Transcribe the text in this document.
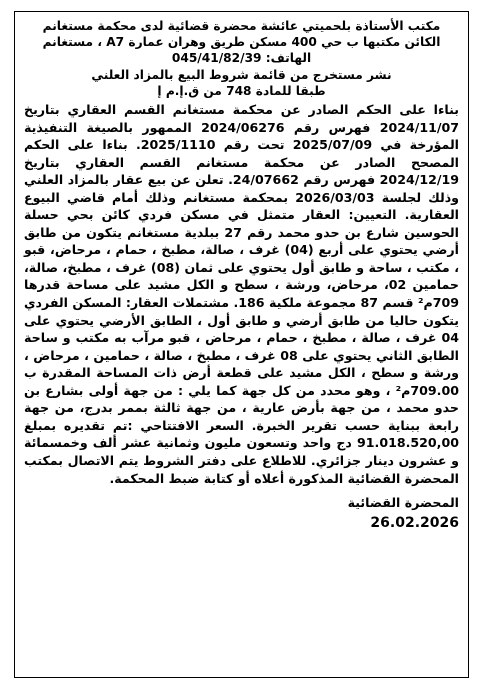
مكتب الأستاذة بلحميتي عائشة محضرة قضائية لدى محكمة مستغانم

الكائن مكتبها ب حي 400 مسكن طريق وهران عمارة A7 ، مستغانم

الهاتف: 045/41/82/39

نشر مستخرج من قائمة شروط البيع بالمزاد العلني

طبقا للمادة 748 من ق.إ.م إ

بناءا على الحكم الصادر عن محكمة مستغانم القسم العقاري بتاريخ 2024/11/07 فهرس رقم 2024/06276 الممهور بالصيغة التنفيذية المؤرخة في 2025/07/09 تحت رقم 2025/1110. بناءا على الحكم المصحح الصادر عن محكمة مستغانم القسم العقاري بتاريخ 2024/12/19 فهرس رقم 24/07662. تعلن عن بيع عقار بالمزاد العلني وذلك لجلسة 2026/03/03 بمحكمة مستغانم وذلك أمام قاضي البيوع العقارية. التعيين: العقار متمثل في مسكن فردي كائن بحي حسلة الحوسين شارع بن حدو محمد رقم 27 ببلدية مستغانم يتكون من طابق أرضي يحتوي على أربع (04) غرف ، صالة، مطبخ ، حمام ، مرحاض، قبو ، مكتب ، ساحة و طابق أول يحتوي على ثمان (08) غرف ، مطبخ، صالة، حمامين 02، مرحاض، ورشة ، سطح و الكل مشيد على مساحة قدرها 709م² قسم 87 مجموعة ملكية 186. مشتملات العقار: المسكن الفردي يتكون حاليا من طابق أرضي و طابق أول ، الطابق الأرضي يحتوي على 04 غرف ، صالة ، مطبخ ، حمام ، مرحاض ، قبو مرآب به مكتب و ساحة الطابق الثاني يحتوي على 08 غرف ، مطبخ ، صالة ، حمامين ، مرحاض ، ورشة و سطح ، الكل مشيد على قطعة أرض ذات المساحة المقدرة ب 709.00م² ، وهو محدد من كل جهة كما يلي : من جهة أولى بشارع بن حدو محمد ، من جهة بأرض عارية ، من جهة ثالثة بممر بدرج، من جهة رابعة ببناية حسب تقرير الخبرة. السعر الافتتاحي :تم تقديره بمبلغ 91.018.520,00 دج واحد وتسعون مليون وثمانية عشر ألف وخمسمائة و عشرون دينار جزائري. للاطلاع على دفتر الشروط يتم الاتصال بمكتب المحضرة القضائية المذكورة أعلاه أو كتابة ضبط المحكمة.

المحضرة القضائية

26.02.2026
